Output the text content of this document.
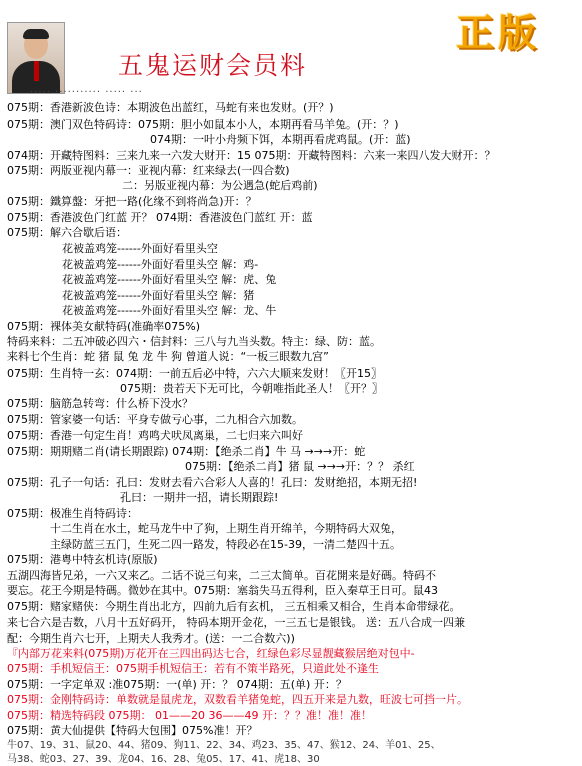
五鬼运财会员料
正版
..... ........... ..... ...
075期：香港新波色诗：本期波色出蓝红，马蛇有来也发财。(开？)
075期：澳门双色特码诗：075期：胆小如鼠本小人，本期再看马羊兔。(开：？)
074期：一叶小舟频下饵，本期再看虎鸡鼠。(开：蓝)
074期：开藏特图料：三来九来一六发大财开：15 075期：开藏特图料：六来一来四八发大财开：？
075期：两版亚视内幕一：亚视内幕：红来绿去(一四合数)
二：另版亚视内幕：为公遇急(蛇后鸡前)
075期：鐵算盤：牙把一路(化缘不到将尚急)开：？
075期：香港波色门红蓝 开？ 074期：香港波色门蓝红 开：蓝
075期：解六合歇后语：
花被盖鸡笼------外面好看里头空
花被盖鸡笼------外面好看里头空 解：鸡-
花被盖鸡笼------外面好看里头空 解：虎、兔
花被盖鸡笼------外面好看里头空 解：猪
花被盖鸡笼------外面好看里头空 解：龙、牛
075期：裸体美女献特码(准确率075%)
特码来料：二五冲破必四六・信封料：三八与九当头数。特主：绿、防：蓝。
来料七个生肖：蛇 猪 鼠 兔 龙 牛 狗 曾道人说：“一板三眼数九宫”
075期：生肖特一玄：074期：一前五后必中特，六六大顺来发财！〖开15〗
075期：贵若天下无可比，今朝唯指此圣人！〖开？〗
075期：脑筋急转弯：什么桥下没水？
075期：管家婆一句话：平身专做亏心事，二九相合六加数。
075期：香港一句定生肖！鸡鸣犬吠凤离巢，二七归来六叫好
075期：期期赌二肖(请长期跟踪) 074期：【绝杀二肖】牛 马 →→→开：蛇
075期：【绝杀二肖】猪 鼠 →→→开：？？ 杀红
075期：孔子一句话：孔曰：发财去看六合彩人人喜的！孔曰：发财绝招，本期无招!
孔曰：一期井一招，请长期跟踪!
075期：极准生肖特码诗：
十二生肖在水土，蛇马龙牛中了狗，上期生肖开绵羊，今期特码大双兔，
主绿防蓝三五门，生死二四一路发，特段必在15-39，一清二楚四十五。
075期：港粤中特玄机诗(原版)
五湖四海皆兄弟，一六又来乙。二话不说三句来，二三太简单。百花開来是好碼。特码不
要忘。花王今期是特碼。微妙在其中。075期：塞翁失马五得利，臣入秦草王日可。鼠43
075期：赌家赌侠：今期生肖出北方，四前九后有玄机， 三五相乘又相合，生肖本命带绿花。
来七合六是吉数，八月十五好码开， 特码本期开金花，一三五七是银钱。 送：五八合成一四兼
配：今期生肖六七开，上期夫人我秀才。(送：一二合数六))
『内部万花来料(075期)万花开在三四出码达七合，红绿色彩尽显靓藏猴居绝对包中-
075期：手机短信王：075期手机短信王：若有不策半路死，只道此处不逢生
075期：一字定单双 :准075期：一(单) 开：？ 074期：五(单) 开：？
075期：金刚特码诗：单数就是鼠虎龙，双数看羊猪兔蛇，四五开来是九数，旺波七可挡一片。
075期：精选特码段 075期： 01——20 36——49 开：？？准！准！准！
075期：黄大仙提供【特码大包围】075%准！开？
牛07、19、31、鼠20、44、猪09、狗11、22、34、鸡23、35、47、猴12、24、羊01、25、
马38、蛇03、27、39、龙04、16、28、兔05、17、41、虎18、30
